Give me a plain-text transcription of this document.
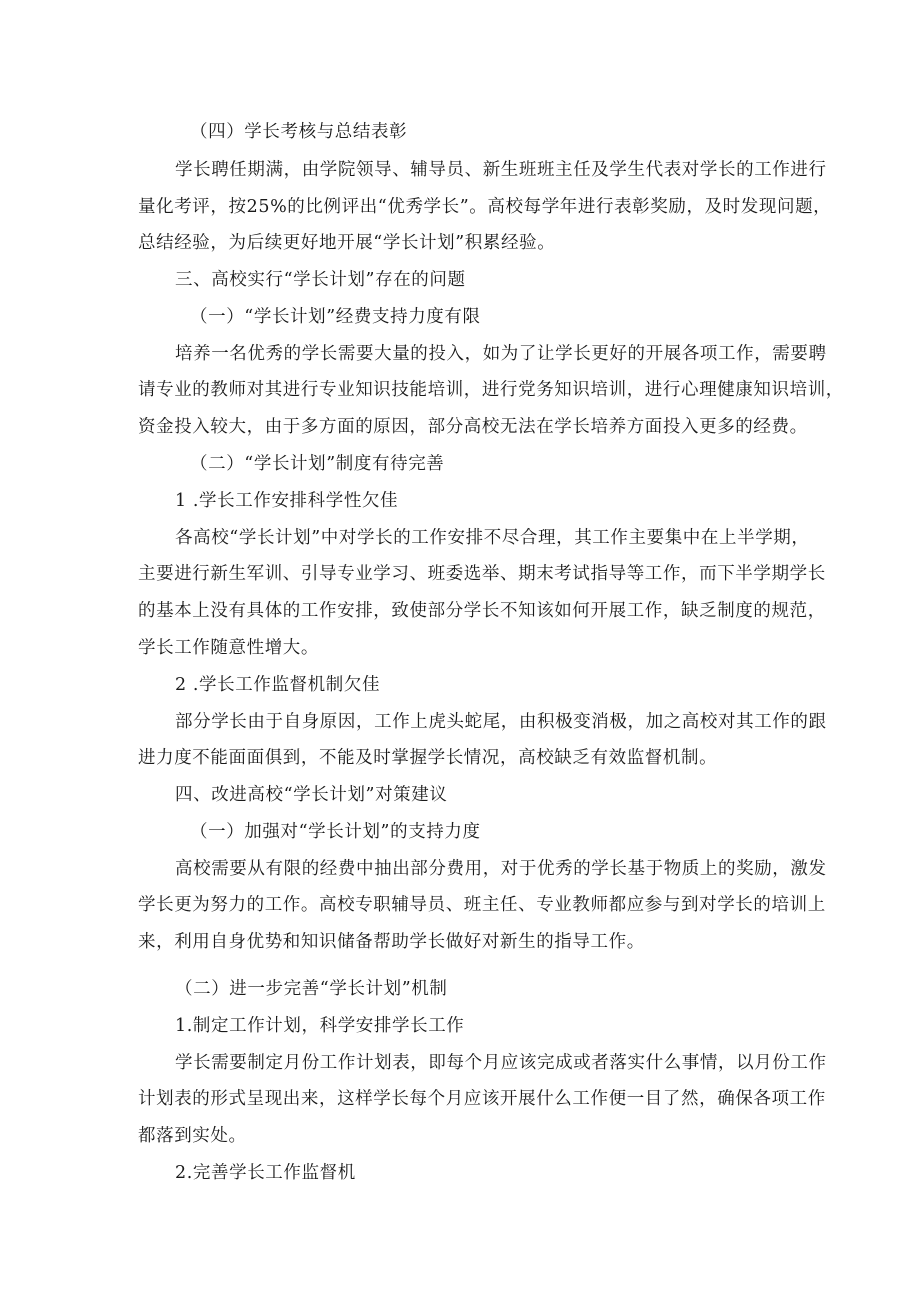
（四）学长考核与总结表彰
学长聘任期满，由学院领导、辅导员、新生班班主任及学生代表对学长的工作进行
量化考评，按25%的比例评出“优秀学长”。高校每学年进行表彰奖励，及时发现问题，
总结经验，为后续更好地开展“学长计划”积累经验。
三、高校实行“学长计划”存在的问题
（一）“学长计划”经费支持力度有限
培养一名优秀的学长需要大量的投入，如为了让学长更好的开展各项工作，需要聘
请专业的教师对其进行专业知识技能培训，进行党务知识培训，进行心理健康知识培训，
资金投入较大，由于多方面的原因，部分高校无法在学长培养方面投入更多的经费。
（二）“学长计划”制度有待完善
1 .学长工作安排科学性欠佳
各高校“学长计划”中对学长的工作安排不尽合理，其工作主要集中在上半学期，
主要进行新生军训、引导专业学习、班委选举、期末考试指导等工作，而下半学期学长
的基本上没有具体的工作安排，致使部分学长不知该如何开展工作，缺乏制度的规范，
学长工作随意性增大。
2 .学长工作监督机制欠佳
部分学长由于自身原因，工作上虎头蛇尾，由积极变消极，加之高校对其工作的跟
进力度不能面面俱到，不能及时掌握学长情况，高校缺乏有效监督机制。
四、改进高校“学长计划”对策建议
（一）加强对“学长计划”的支持力度
高校需要从有限的经费中抽出部分费用，对于优秀的学长基于物质上的奖励，激发
学长更为努力的工作。高校专职辅导员、班主任、专业教师都应参与到对学长的培训上
来，利用自身优势和知识储备帮助学长做好对新生的指导工作。
（二）进一步完善“学长计划”机制
1.制定工作计划，科学安排学长工作
学长需要制定月份工作计划表，即每个月应该完成或者落实什么事情，以月份工作
计划表的形式呈现出来，这样学长每个月应该开展什么工作便一目了然，确保各项工作
都落到实处。
2.完善学长工作监督机
